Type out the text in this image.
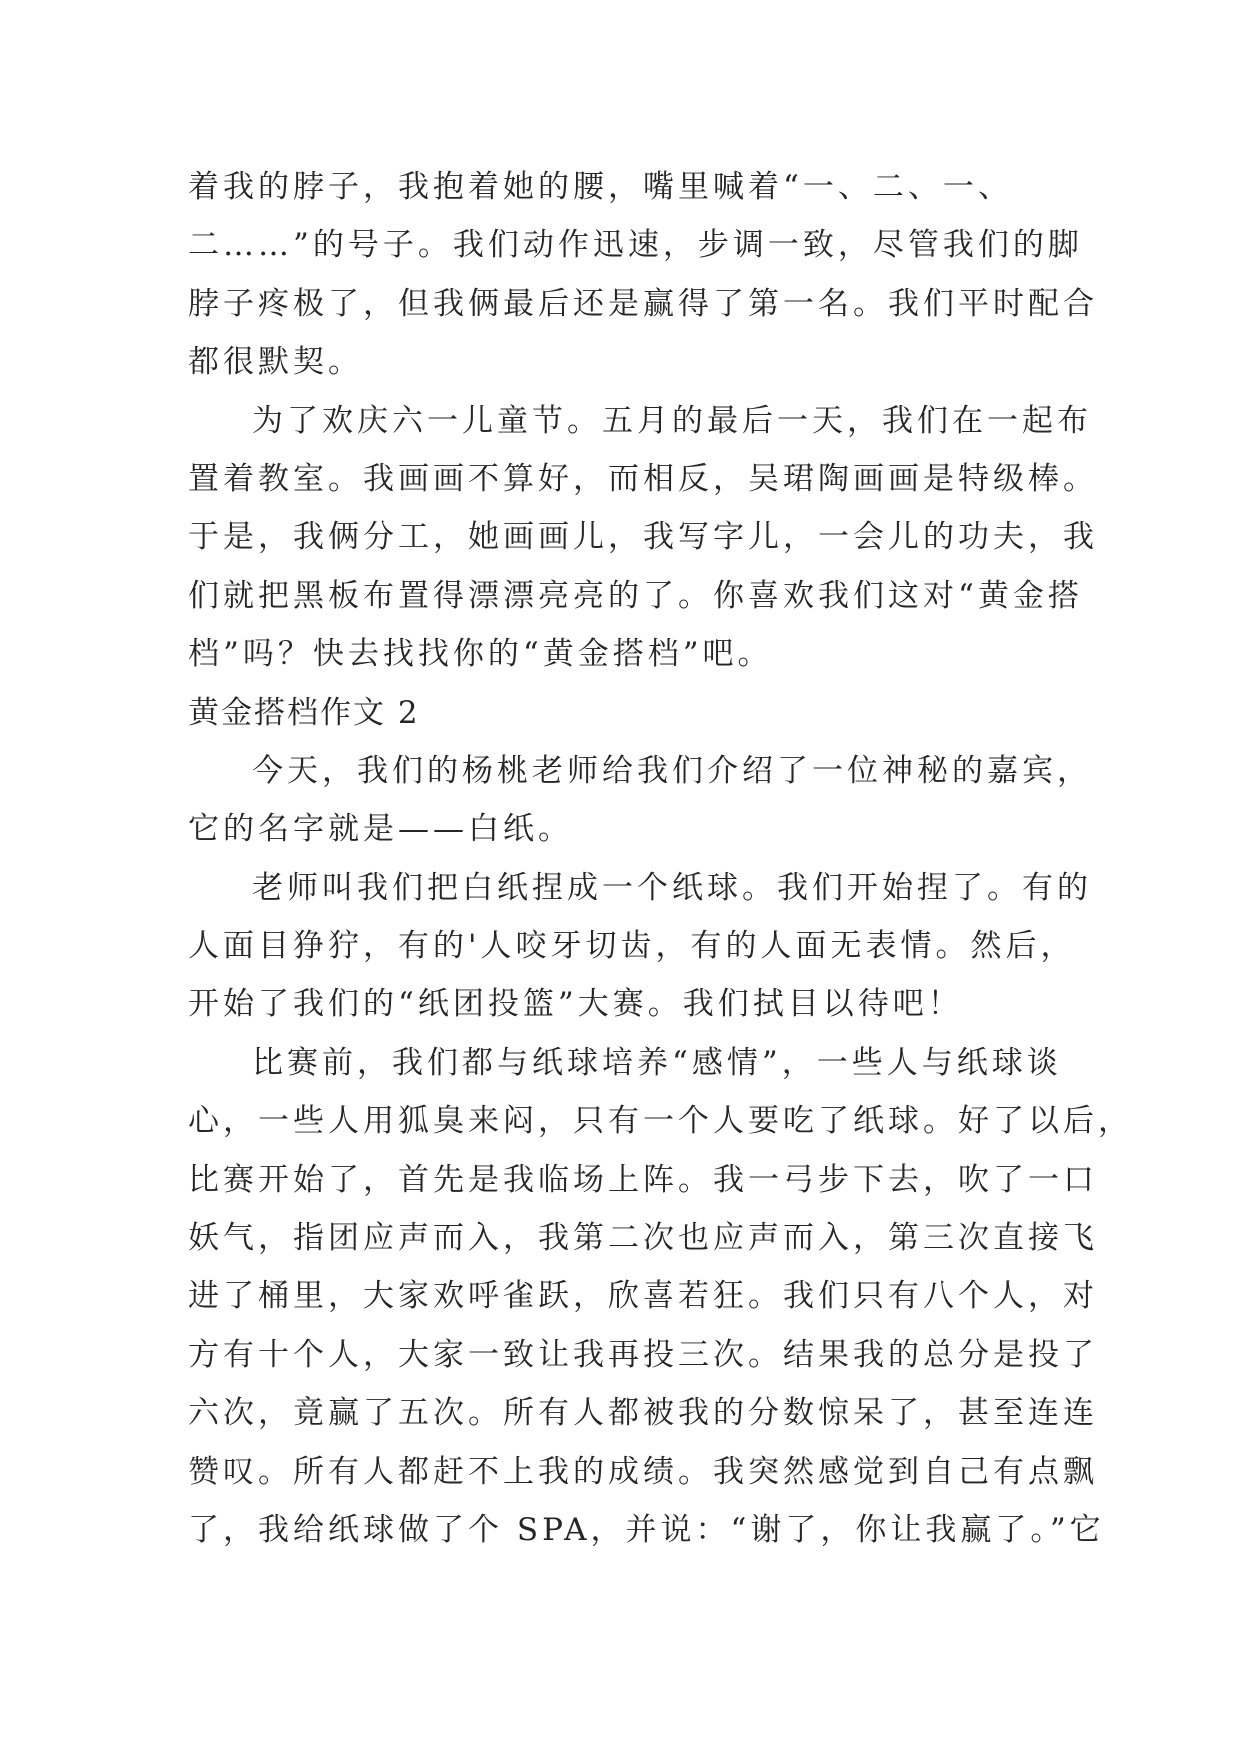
着我的脖子，我抱着她的腰，嘴里喊着“一、二、一、
二……”的号子。我们动作迅速，步调一致，尽管我们的脚
脖子疼极了，但我俩最后还是赢得了第一名。我们平时配合
都很默契。
为了欢庆六一儿童节。五月的最后一天，我们在一起布
置着教室。我画画不算好，而相反，吴珺陶画画是特级棒。
于是，我俩分工，她画画儿，我写字儿，一会儿的功夫，我
们就把黑板布置得漂漂亮亮的了。你喜欢我们这对“黄金搭
档”吗？快去找找你的“黄金搭档”吧。
黄金搭档作文 2
今天，我们的杨桃老师给我们介绍了一位神秘的嘉宾，
它的名字就是——白纸。
老师叫我们把白纸捏成一个纸球。我们开始捏了。有的
人面目狰狞，有的'人咬牙切齿，有的人面无表情。然后，
开始了我们的“纸团投篮”大赛。我们拭目以待吧！
比赛前，我们都与纸球培养“感情”，一些人与纸球谈
心，一些人用狐臭来闷，只有一个人要吃了纸球。好了以后，
比赛开始了，首先是我临场上阵。我一弓步下去，吹了一口
妖气，指团应声而入，我第二次也应声而入，第三次直接飞
进了桶里，大家欢呼雀跃，欣喜若狂。我们只有八个人，对
方有十个人，大家一致让我再投三次。结果我的总分是投了
六次，竟赢了五次。所有人都被我的分数惊呆了，甚至连连
赞叹。所有人都赶不上我的成绩。我突然感觉到自己有点飘
了，我给纸球做了个 SPA，并说：“谢了，你让我赢了。”它
